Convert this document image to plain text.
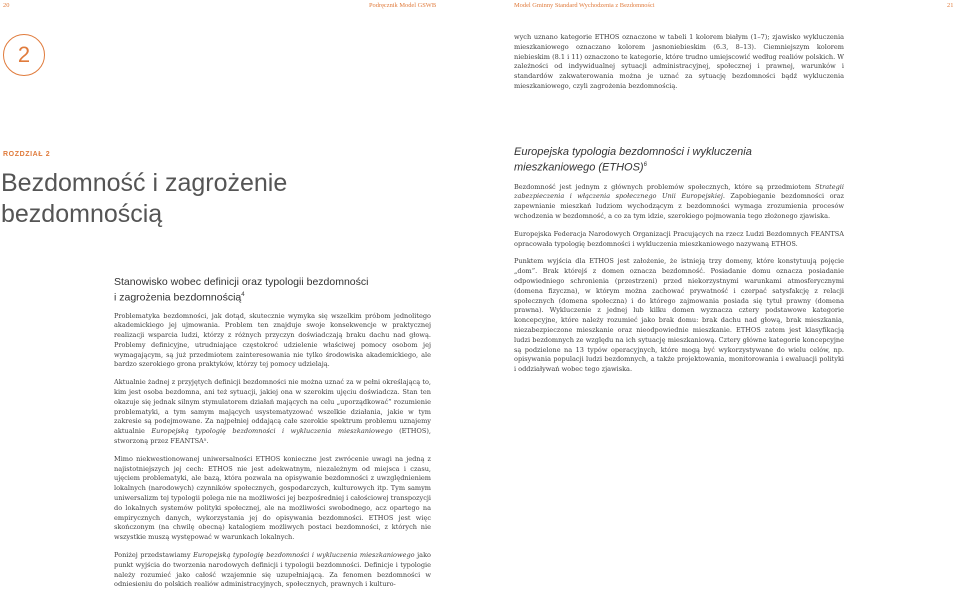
20	Podręcznik Model GSWB	Model Gminny Standard Wychodzenia z Bezdomności	21
2
ROZDZIAŁ 2
Bezdomność i zagrożenie
bezdomnością

wych uznano kategorie ETHOS oznaczone w tabeli 1 kolorem białym (1–7); zjawisko wykluczenia mieszkaniowego oznaczano kolorem jasnoniebieskim (6.3, 8–13). Ciemniejszym kolorem niebieskim (8.1 i 11) oznaczono te kategorie, które trudno umiejscowić według realiów polskich. W zależności od indywidualnej sytuacji administracyjnej, społecznej i prawnej, warunków i standardów zakwaterowania można je uznać za sytuację bezdomności bądź wykluczenia mieszkaniowego, czyli zagrożenia bezdomnością.

Stanowisko wobec definicji oraz typologii bezdomności
i zagrożenia bezdomnością$^4$

Problematyka bezdomności, jak dotąd, skutecznie wymyka się wszelkim próbom jednolitego akademickiego jej ujmowania. Problem ten znajduje swoje konsekwencje w praktycznej realizacji wsparcia ludzi, którzy z różnych przyczyn doświadczają braku dachu nad głową. Problemy definicyjne, utrudniające częstokroć udzielenie właściwej pomocy osobom jej wymagającym, są już przedmiotem zainteresowania nie tylko środowiska akademickiego, ale bardzo szerokiego grona praktyków, którzy tej pomocy udzielają.

Aktualnie żadnej z przyjętych definicji bezdomności nie można uznać za w pełni określającą to, kim jest osoba bezdomna, ani też sytuacji, jakiej ona w szerokim ujęciu doświadcza. Stan ten okazuje się jednak silnym stymulatorem działań mających na celu „uporządkować” rozumienie problematyki, a tym samym mających usystematyzować wszelkie działania, jakie w tym zakresie są podejmowane. Za najpełniej oddającą całe szerokie spektrum problemu uznajemy aktualnie Europejską typologię bezdomności i wykluczenia mieszkaniowego (ETHOS), stworzoną przez FEANTSA⁵.

Mimo niekwestionowanej uniwersalności ETHOS konieczne jest zwrócenie uwagi na jedną z najistotniejszych jej cech: ETHOS nie jest adekwatnym, niezależnym od miejsca i czasu, ujęciem problematyki, ale bazą, która pozwala na opisywanie bezdomności z uwzględnieniem lokalnych (narodowych) czynników społecznych, gospodarczych, kulturowych itp. Tym samym uniwersalizm tej typologii polega nie na możliwości jej bezpośredniej i całościowej transpozycji do lokalnych systemów polityki społecznej, ale na możliwości swobodnego, acz opartego na empirycznych danych, wykorzystania jej do opisywania bezdomności. ETHOS jest więc skończonym (na chwilę obecną) katalogiem możliwych postaci bezdomności, z których nie wszystkie muszą występować w warunkach lokalnych.

Poniżej przedstawiamy Europejską typologię bezdomności i wykluczenia mieszkaniowego jako punkt wyjścia do tworzenia narodowych definicji i typologii bezdomności. Definicje i typologie należy rozumieć jako całość wzajemnie się uzupełniającą. Za fenomen bezdomności w odniesieniu do polskich realiów administracyjnych, społecznych, prawnych i kulturo-

Europejska typologia bezdomności i wykluczenia
mieszkaniowego (ETHOS)$^6$

Bezdomność jest jednym z głównych problemów społecznych, które są przedmiotem Strategii zabezpieczenia i włączenia społecznego Unii Europejskiej. Zapobieganie bezdomności oraz zapewnianie mieszkań ludziom wychodzącym z bezdomności wymaga zrozumienia procesów wchodzenia w bezdomność, a co za tym idzie, szerokiego pojmowania tego złożonego zjawiska.

Europejska Federacja Narodowych Organizacji Pracujących na rzecz Ludzi Bezdomnych FEANTSA opracowała typologię bezdomności i wykluczenia mieszkaniowego nazywaną ETHOS.

Punktem wyjścia dla ETHOS jest założenie, że istnieją trzy domeny, które konstytuują pojęcie „dom”. Brak którejś z domen oznacza bezdomność. Posiadanie domu oznacza posiadanie odpowiedniego schronienia (przestrzeni) przed niekorzystnymi warunkami atmosferycznymi (domena fizyczna), w którym można zachować prywatność i czerpać satysfakcję z relacji społecznych (domena społeczna) i do którego zajmowania posiada się tytuł prawny (domena prawna). Wykluczenie z jednej lub kilku domen wyznacza cztery podstawowe kategorie koncepcyjne, które należy rozumieć jako brak domu: brak dachu nad głową, brak mieszkania, niezabezpieczone mieszkanie oraz nieodpowiednie mieszkanie. ETHOS zatem jest klasyfikacją ludzi bezdomnych ze względu na ich sytuację mieszkaniową. Cztery główne kategorie koncepcyjne są podzielone na 13 typów operacyjnych, które mogą być wykorzystywane do wielu celów, np. opisywania populacji ludzi bezdomnych, a także projektowania, monitorowania i ewaluacji polityki i oddziaływań wobec tego zjawiska.
